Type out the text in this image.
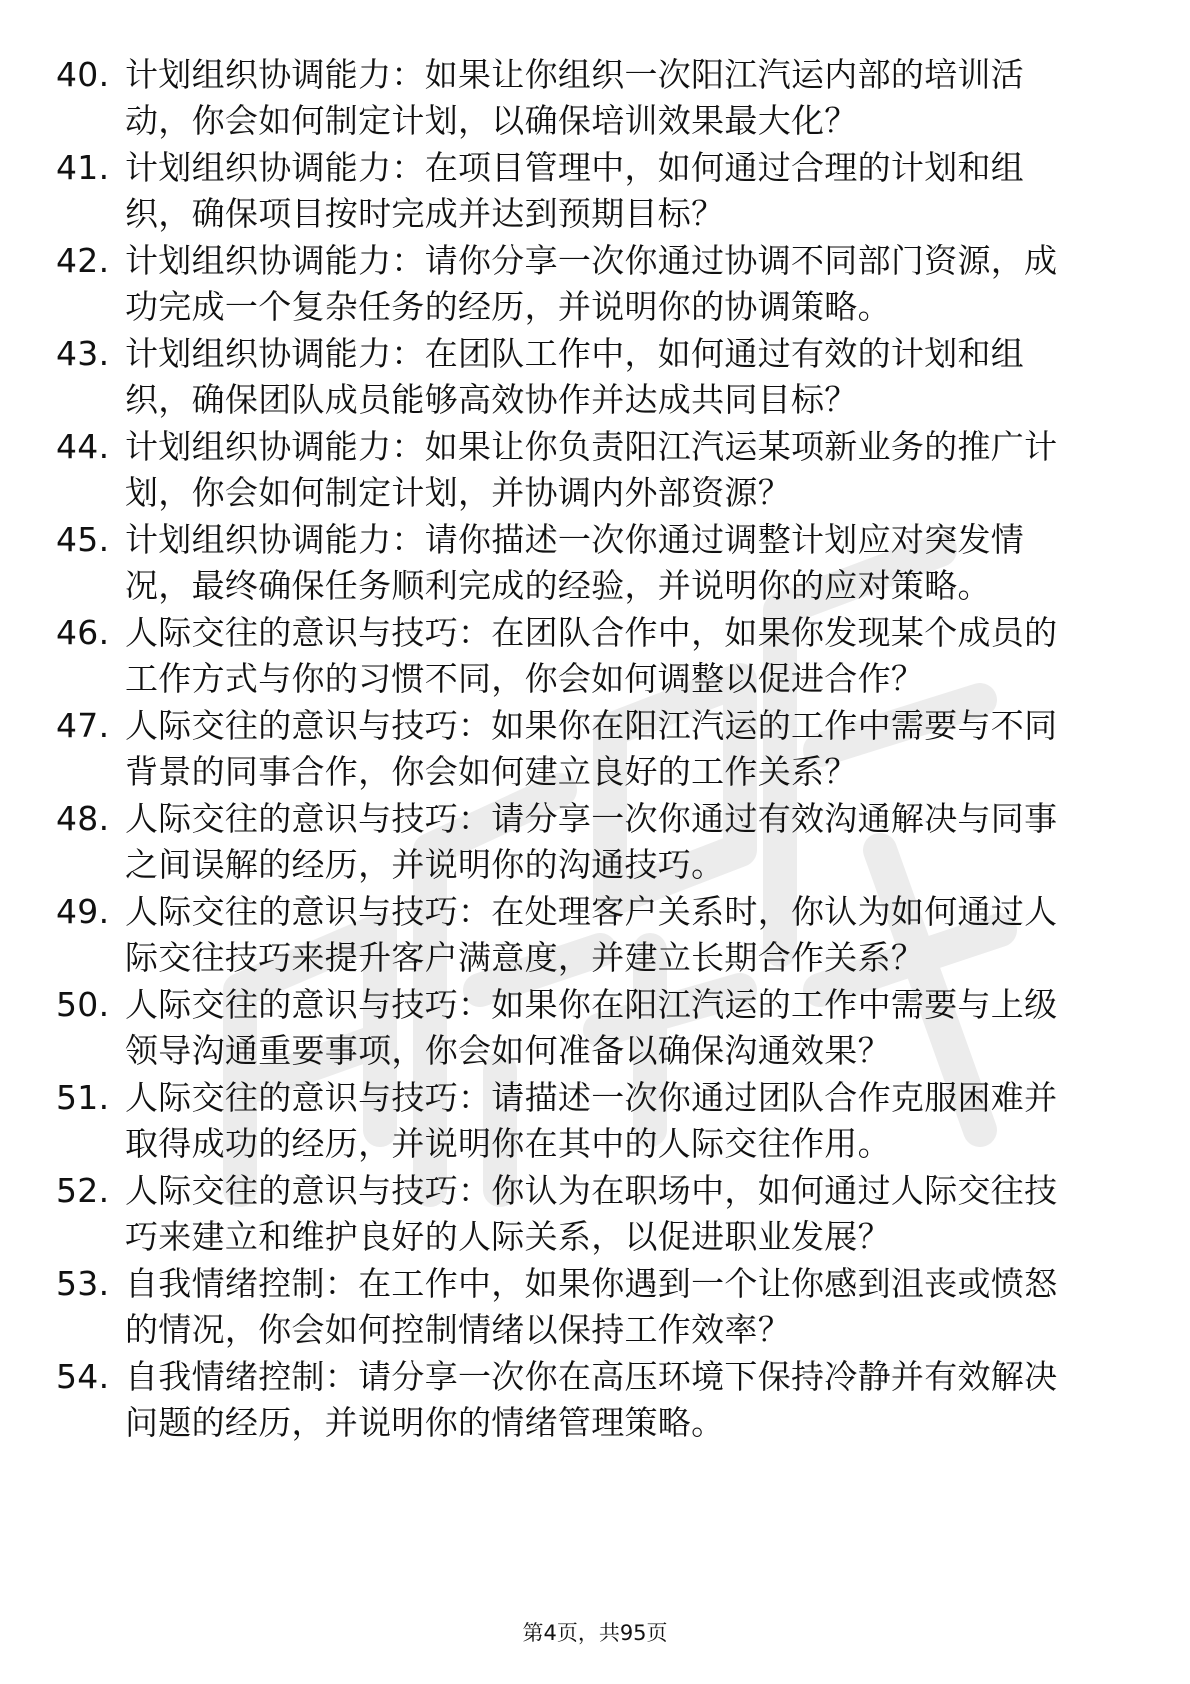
40. 计划组织协调能力：如果让你组织一次阳江汽运内部的培训活
动，你会如何制定计划，以确保培训效果最大化？
41. 计划组织协调能力：在项目管理中，如何通过合理的计划和组
织，确保项目按时完成并达到预期目标？
42. 计划组织协调能力：请你分享一次你通过协调不同部门资源，成
功完成一个复杂任务的经历，并说明你的协调策略。
43. 计划组织协调能力：在团队工作中，如何通过有效的计划和组
织，确保团队成员能够高效协作并达成共同目标？
44. 计划组织协调能力：如果让你负责阳江汽运某项新业务的推广计
划，你会如何制定计划，并协调内外部资源？
45. 计划组织协调能力：请你描述一次你通过调整计划应对突发情
况，最终确保任务顺利完成的经验，并说明你的应对策略。
46. 人际交往的意识与技巧：在团队合作中，如果你发现某个成员的
工作方式与你的习惯不同，你会如何调整以促进合作？
47. 人际交往的意识与技巧：如果你在阳江汽运的工作中需要与不同
背景的同事合作，你会如何建立良好的工作关系？
48. 人际交往的意识与技巧：请分享一次你通过有效沟通解决与同事
之间误解的经历，并说明你的沟通技巧。
49. 人际交往的意识与技巧：在处理客户关系时，你认为如何通过人
际交往技巧来提升客户满意度，并建立长期合作关系？
50. 人际交往的意识与技巧：如果你在阳江汽运的工作中需要与上级
领导沟通重要事项，你会如何准备以确保沟通效果？
51. 人际交往的意识与技巧：请描述一次你通过团队合作克服困难并
取得成功的经历，并说明你在其中的人际交往作用。
52. 人际交往的意识与技巧：你认为在职场中，如何通过人际交往技
巧来建立和维护良好的人际关系，以促进职业发展？
53. 自我情绪控制：在工作中，如果你遇到一个让你感到沮丧或愤怒
的情况，你会如何控制情绪以保持工作效率？
54. 自我情绪控制：请分享一次你在高压环境下保持冷静并有效解决
问题的经历，并说明你的情绪管理策略。
第4页，共95页
